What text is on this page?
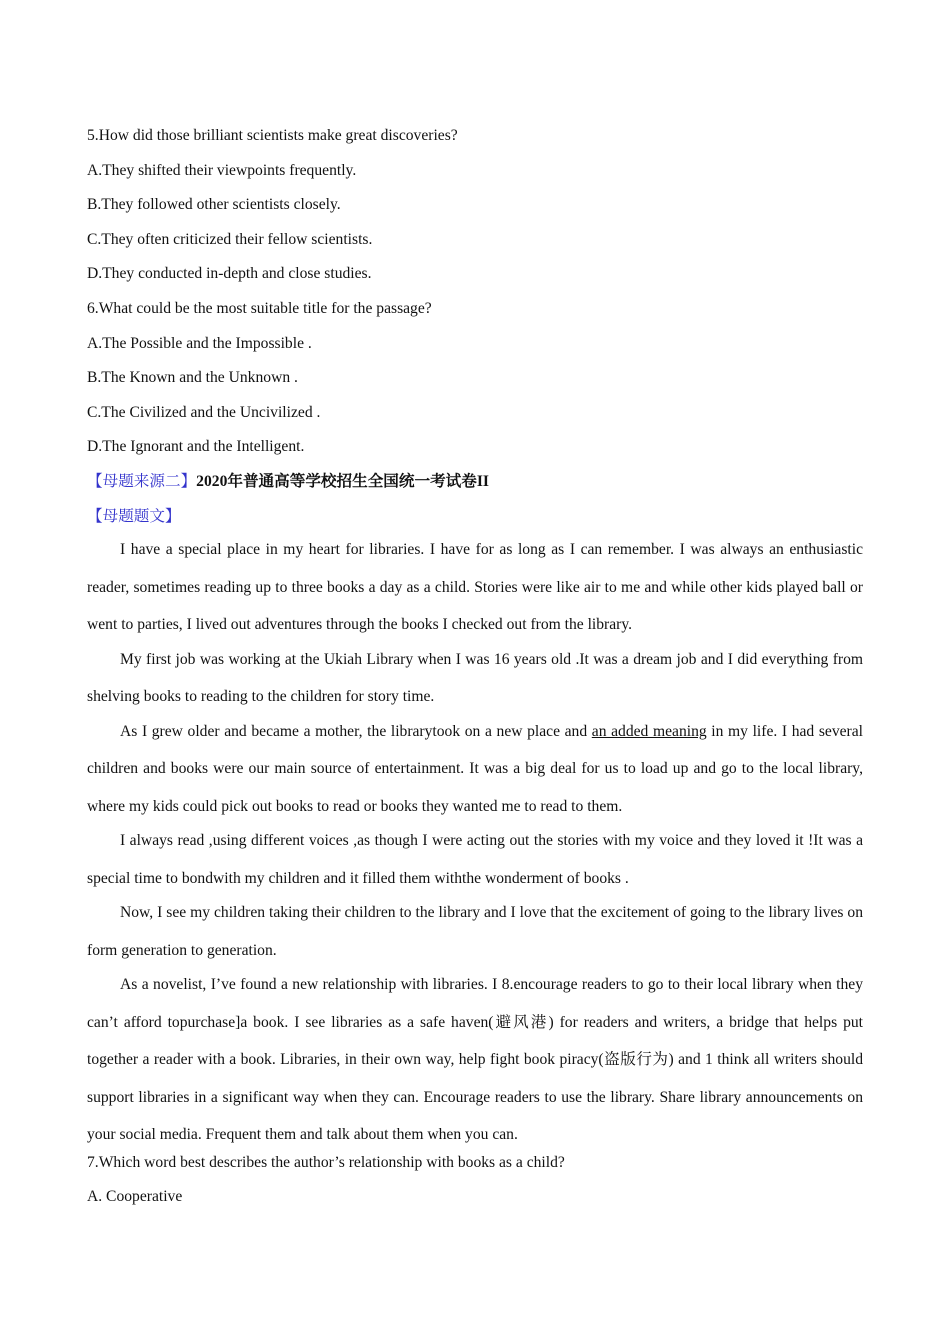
5.How did those brilliant scientists make great discoveries?
A.They shifted their viewpoints frequently.
B.They followed other scientists closely.
C.They often criticized their fellow scientists.
D.They conducted in-depth and close studies.
6.What could be the most suitable title for the passage?
A.The Possible and the Impossible .
B.The Known and the Unknown .
C.The Civilized and the Uncivilized .
D.The Ignorant and the Intelligent.
【母题来源二】2020年普通高等学校招生全国统一考试卷II
【母题题文】

I have a special place in my heart for libraries. I have for as long as I can remember. I was always an enthusiastic reader, sometimes reading up to three books a day as a child. Stories were like air to me and while other kids played ball or went to parties, I lived out adventures through the books I checked out from the library.

My first job was working at the Ukiah Library when I was 16 years old .It was a dream job and I did everything from shelving books to reading to the children for story time.

As I grew older and became a mother, the librarytook on a new place and an added meaning in my life. I had several children and books were our main source of entertainment. It was a big deal for us to load up and go to the local library, where my kids could pick out books to read or books they wanted me to read to them.

I always read ,using different voices ,as though I were acting out the stories with my voice and they loved it !It was a special time to bondwith my children and it filled them withthe wonderment of books .

Now, I see my children taking their children to the library and I love that the excitement of going to the library lives on form generation to generation.

As a novelist, I’ve found a new relationship with libraries. I 8.encourage readers to go to their local library when they can’t afford topurchase]a book. I see libraries as a safe haven(避风港) for readers and writers, a bridge that helps put together a reader with a book. Libraries, in their own way, help fight book piracy(盗版行为) and 1 think all writers should support libraries in a significant way when they can. Encourage readers to use the library. Share library announcements on your social media. Frequent them and talk about them when you can.

7.Which word best describes the author’s relationship with books as a child?
A. Cooperative
